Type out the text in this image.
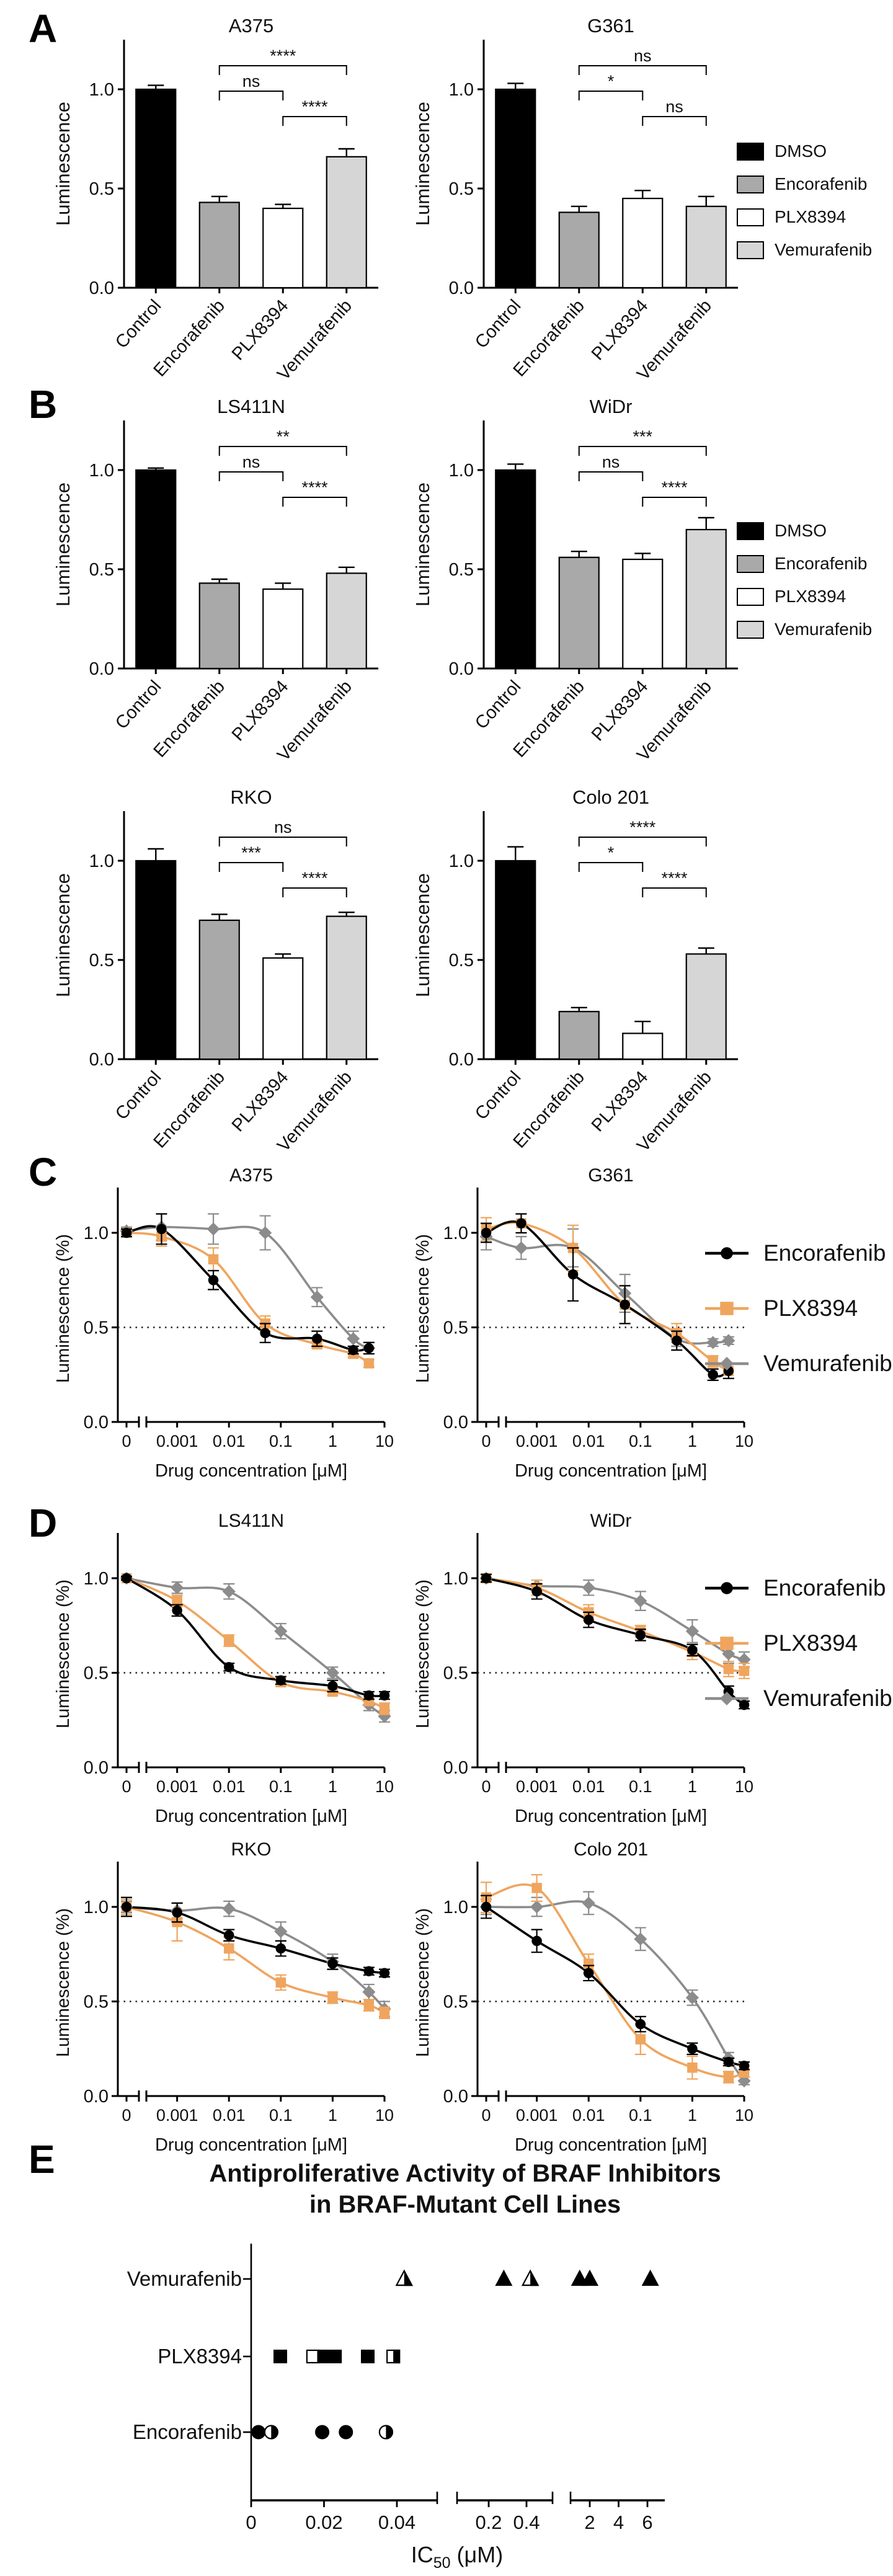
A
B
C
D
E
0.0
0.5
1.0
Luminescence
A375
Control
Encorafenib
PLX8394
Vemurafenib
****
ns
****
0.0
0.5
1.0
Luminescence
G361
Control
Encorafenib
PLX8394
Vemurafenib
ns
*
ns
0.0
0.5
1.0
Luminescence
LS411N
Control
Encorafenib
PLX8394
Vemurafenib
**
ns
****
0.0
0.5
1.0
Luminescence
WiDr
Control
Encorafenib
PLX8394
Vemurafenib
***
ns
****
0.0
0.5
1.0
Luminescence
RKO
Control
Encorafenib
PLX8394
Vemurafenib
ns
***
****
0.0
0.5
1.0
Luminescence
Colo 201
Control
Encorafenib
PLX8394
Vemurafenib
****
*
****
DMSO
Encorafenib
PLX8394
Vemurafenib
DMSO
Encorafenib
PLX8394
Vemurafenib
A375
0.0
0.5
1.0
Luminescence (%)
0 0.001 0.01 0.1 1 10
Drug concentration [μM]
G361
0.0
0.5
1.0
Luminescence (%)
0 0.001 0.01 0.1 1 10
Drug concentration [μM]
LS411N
0.0
0.5
1.0
Luminescence (%)
0 0.001 0.01 0.1 1 10
Drug concentration [μM]
WiDr
0.0
0.5
1.0
Luminescence (%)
0 0.001 0.01 0.1 1 10
Drug concentration [μM]
RKO
0.0
0.5
1.0
Luminescence (%)
0 0.001 0.01 0.1 1 10
Drug concentration [μM]
Colo 201
0.0
0.5
1.0
Luminescence (%)
0 0.001 0.01 0.1 1 10
Drug concentration [μM]
Encorafenib
PLX8394
Vemurafenib
Encorafenib
PLX8394
Vemurafenib
Antiproliferative Activity of BRAF Inhibitors
in BRAF-Mutant Cell Lines
0	0.02 0.04	0.2 0.4 2 4 6
$IC_{50}$ (μM)
Vemurafenib
PLX8394
Encorafenib
